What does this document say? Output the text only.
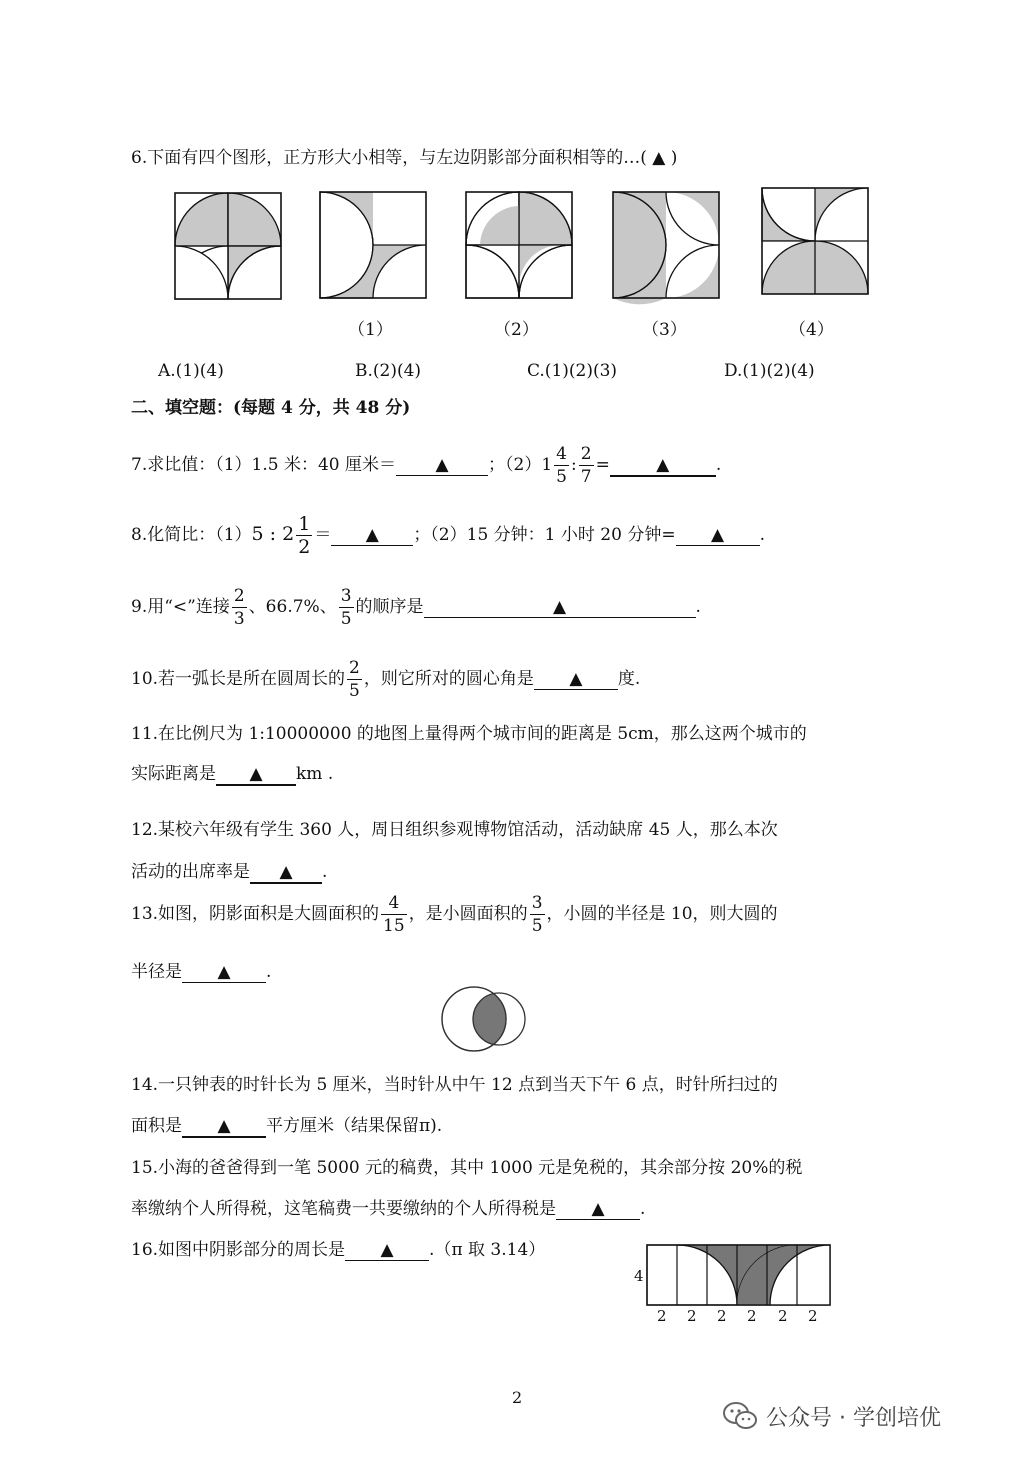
6.下面有四个图形，正方形大小相等，与左边阴影部分面积相等的…( ▲ )
（1）	（2）	（3）	（4）
A.(1)(4)	B.(2)(4)	C.(1)(2)(3)	D.(1)(2)(4)
二、填空题：(每题 4 分，共 48 分)
7.求比值：（1）1.5 米：40 厘米＝ ▲ ；$(2)1 \frac{4}{5}$ : $\frac{2}{7}$ =	▲	.
8.化简比：（1）5 : $2 \frac{1}{2}$ ＝ ▲ ；（2）15 分钟：1 小时 20 分钟= ▲ .
9.用“<”连接 $\frac{2}{3}$ 、66.7%、 $\frac{3}{5}$ 的顺序是	▲	.
10.若一弧长是所在圆周长的 $\frac{2}{5}$ ，则它所对的圆心角是 ▲ 度.
11.在比例尺为 1:10000000 的地图上量得两个城市间的距离是 5cm，那么这两个城市的
实际距离是 ▲ km .
12.某校六年级有学生 360 人，周日组织参观博物馆活动，活动缺席 45 人，那么本次
活动的出席率是 ▲ .
13.如图，阴影面积是大圆面积的 $\frac{4}{15}$ ，是小圆面积的 $\frac{3}{5}$ ，小圆的半径是 10，则大圆的
半径是 ▲ .
14.一只钟表的时针长为 5 厘米，当时针从中午 12 点到当天下午 6 点，时针所扫过的
面积是 ▲ 平方厘米（结果保留π).
15.小海的爸爸得到一笔 5000 元的稿费，其中 1000 元是免税的，其余部分按 20%的税
率缴纳个人所得税，这笔稿费一共要缴纳的个人所得税是 ▲ .
16.如图中阴影部分的周长是 ▲ .（π 取 3.14）
4
2 2 2 2 2 2
2
公众号 · 学创培优
